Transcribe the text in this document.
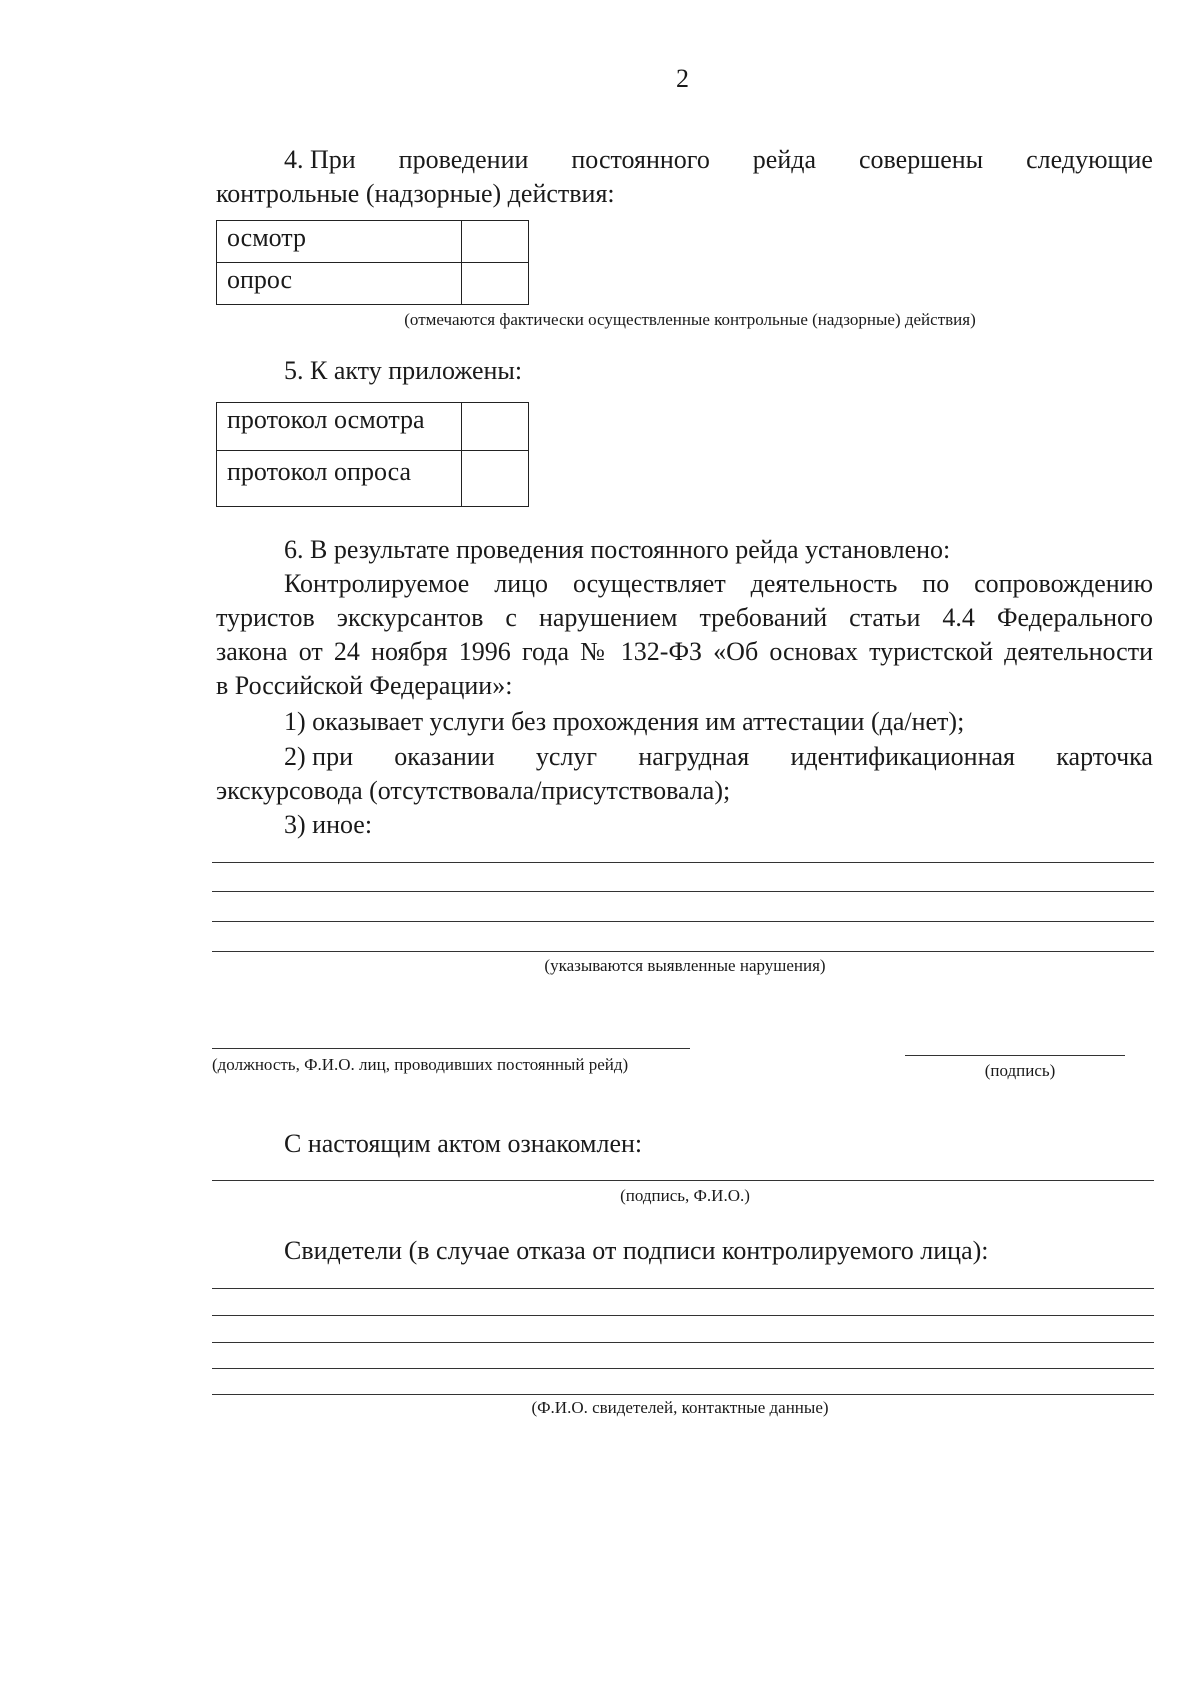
2
4. При проведении постоянного рейда совершены следующие
контрольные (надзорные) действия:
осмотр	
опрос	
(отмечаются фактически осуществленные контрольные (надзорные) действия)
5. К акту приложены:
протокол осмотра	
протокол опроса	
6. В результате проведения постоянного рейда установлено:
Контролируемое лицо осуществляет деятельность по сопровождению
туристов экскурсантов с нарушением требований статьи 4.4 Федерального
закона от 24 ноября 1996 года № 132-ФЗ «Об основах туристской деятельности
в Российской Федерации»:
1) оказывает услуги без прохождения им аттестации (да/нет);
2) при оказании услуг нагрудная идентификационная карточка
экскурсовода (отсутствовала/присутствовала);
3) иное:
(указываются выявленные нарушения)
(должность, Ф.И.О. лиц, проводивших постоянный рейд)	(подпись)
С настоящим актом ознакомлен:
(подпись, Ф.И.О.)
Свидетели (в случае отказа от подписи контролируемого лица):
(Ф.И.О. свидетелей, контактные данные)
